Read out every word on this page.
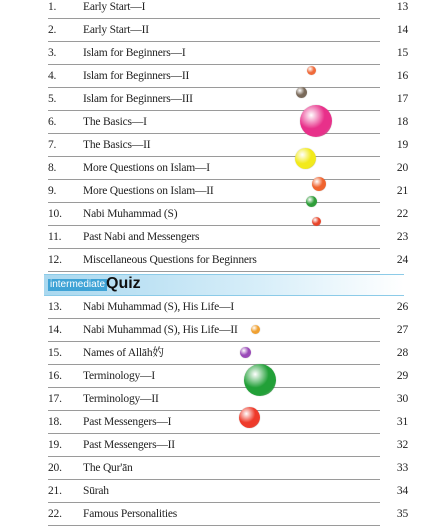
1. Early Start—I	13
2. Early Start—II	14
3. Islam for Beginners—I	15
4. Islam for Beginners—II	16
5. Islam for Beginners—III	17
6. The Basics—I	18
7. The Basics—II	19
8. More Questions on Islam—I	20
9. More Questions on Islam—II	21
10. Nabi Muhammad (S)	22
11. Past Nabi and Messengers	23
12. Miscellaneous Questions for Beginners	24
intermediate Quiz
13. Nabi Muhammad (S), His Life—I	26
14. Nabi Muhammad (S), His Life—II	27
15. Names of Allāh妁	28
16. Terminology—I	29
17. Terminology—II	30
18. Past Messengers—I	31
19. Past Messengers—II	32
20. The Qur'ān	33
21. Sūrah	34
22. Famous Personalities	35
